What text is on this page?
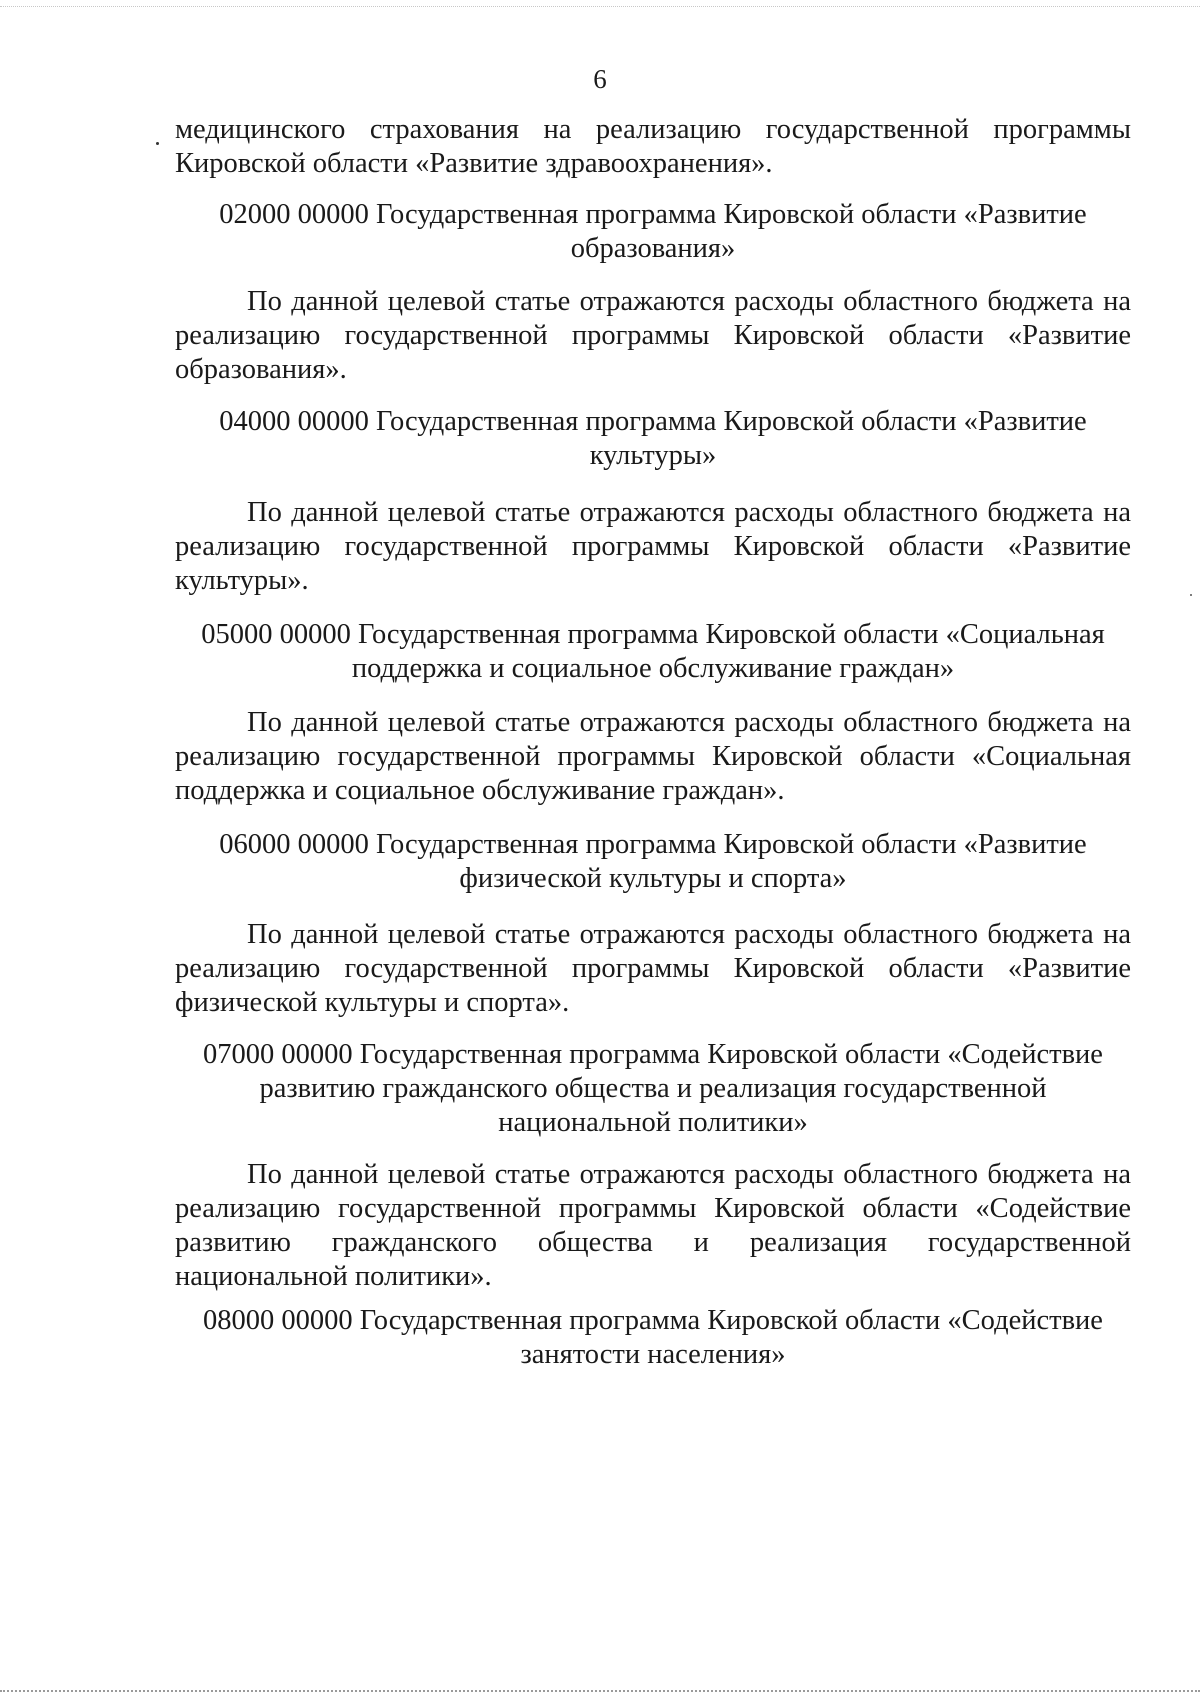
6

медицинского страхования на реализацию государственной программы

Кировской области «Развитие здравоохранения».

02000 00000 Государственная программа Кировской области «Развитие
образования»

По данной целевой статье отражаются расходы областного бюджета на реализацию государственной программы Кировской области «Развитие образования».

04000 00000 Государственная программа Кировской области «Развитие
культуры»

По данной целевой статье отражаются расходы областного бюджета на реализацию государственной программы Кировской области «Развитие культуры».

05000 00000 Государственная программа Кировской области «Социальная
поддержка и социальное обслуживание граждан»

По данной целевой статье отражаются расходы областного бюджета на реализацию государственной программы Кировской области «Социальная поддержка и социальное обслуживание граждан».

06000 00000 Государственная программа Кировской области «Развитие
физической культуры и спорта»

По данной целевой статье отражаются расходы областного бюджета на реализацию государственной программы Кировской области «Развитие физической культуры и спорта».

07000 00000 Государственная программа Кировской области «Содействие
развитию гражданского общества и реализация государственной
национальной политики»

По данной целевой статье отражаются расходы областного бюджета на реализацию государственной программы Кировской области «Содействие развитию гражданского общества и реализация государственной национальной политики».

08000 00000 Государственная программа Кировской области «Содействие
занятости населения»
